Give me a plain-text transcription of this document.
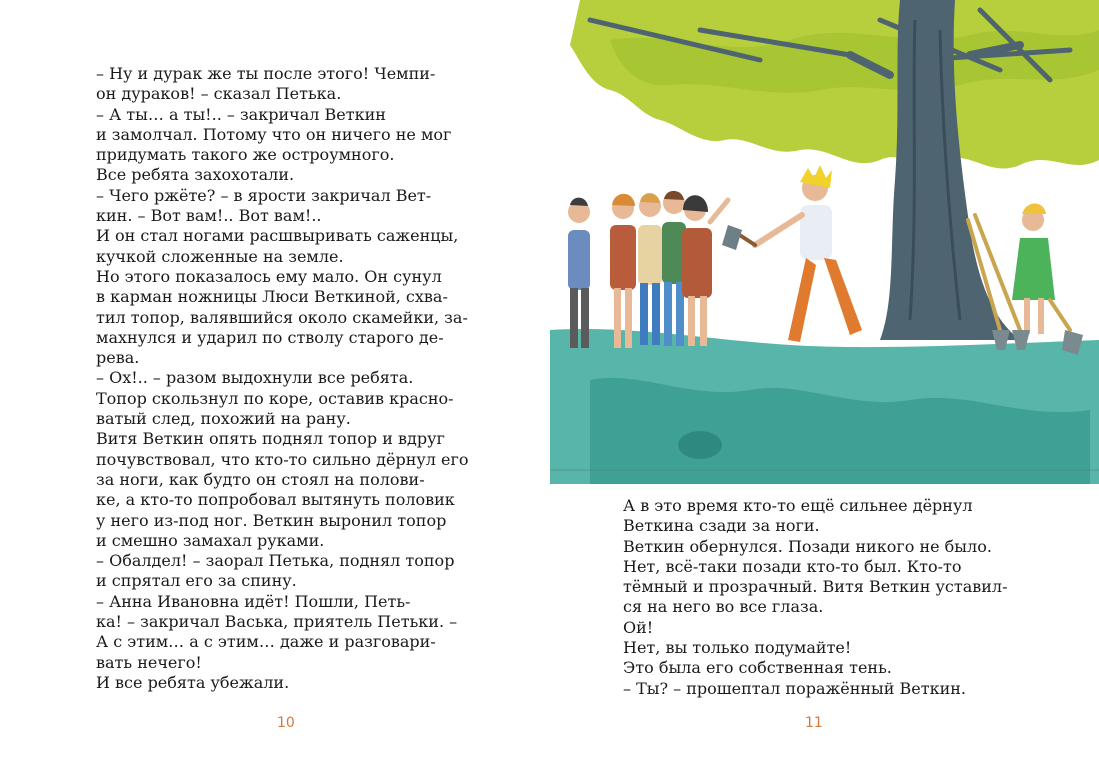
– Ну и дурак же ты после этого! Чемпи-

он дураков! – сказал Петька.

– А ты… а ты!.. – закричал Веткин

и замолчал. Потому что он ничего не мог

придумать такого же остроумного.

Все ребята захохотали.

– Чего ржёте? – в ярости закричал Вет-

кин. – Вот вам!.. Вот вам!..

И он стал ногами расшвыривать саженцы,

кучкой сложенные на земле.

Но этого показалось ему мало. Он сунул

в карман ножницы Люси Веткиной, схва-

тил топор, валявшийся около скамейки, за-

махнулся и ударил по стволу старого де-

рева.

– Ох!.. – разом выдохнули все ребята.

Топор скользнул по коре, оставив красно-

ватый след, похожий на рану.

Витя Веткин опять поднял топор и вдруг

почувствовал, что кто-то сильно дёрнул его

за ноги, как будто он стоял на полови-

ке, а кто-то попробовал вытянуть половик

у него из-под ног. Веткин выронил топор

и смешно замахал руками.

– Обалдел! – заорал Петька, поднял топор

и спрятал его за спину.

– Анна Ивановна идёт! Пошли, Петь-

ка! – закричал Васька, приятель Петьки. –

А с этим… а с этим… даже и разговари-

вать нечего!

И все ребята убежали.

10

А в это время кто-то ещё сильнее дёрнул

Веткина сзади за ноги.

Веткин обернулся. Позади никого не было.

Нет, всё-таки позади кто-то был. Кто-то

тёмный и прозрачный. Витя Веткин уставил-

ся на него во все глаза.

Ой!

Нет, вы только подумайте!

Это была его собственная тень.

– Ты? – прошептал поражённый Веткин.

11
